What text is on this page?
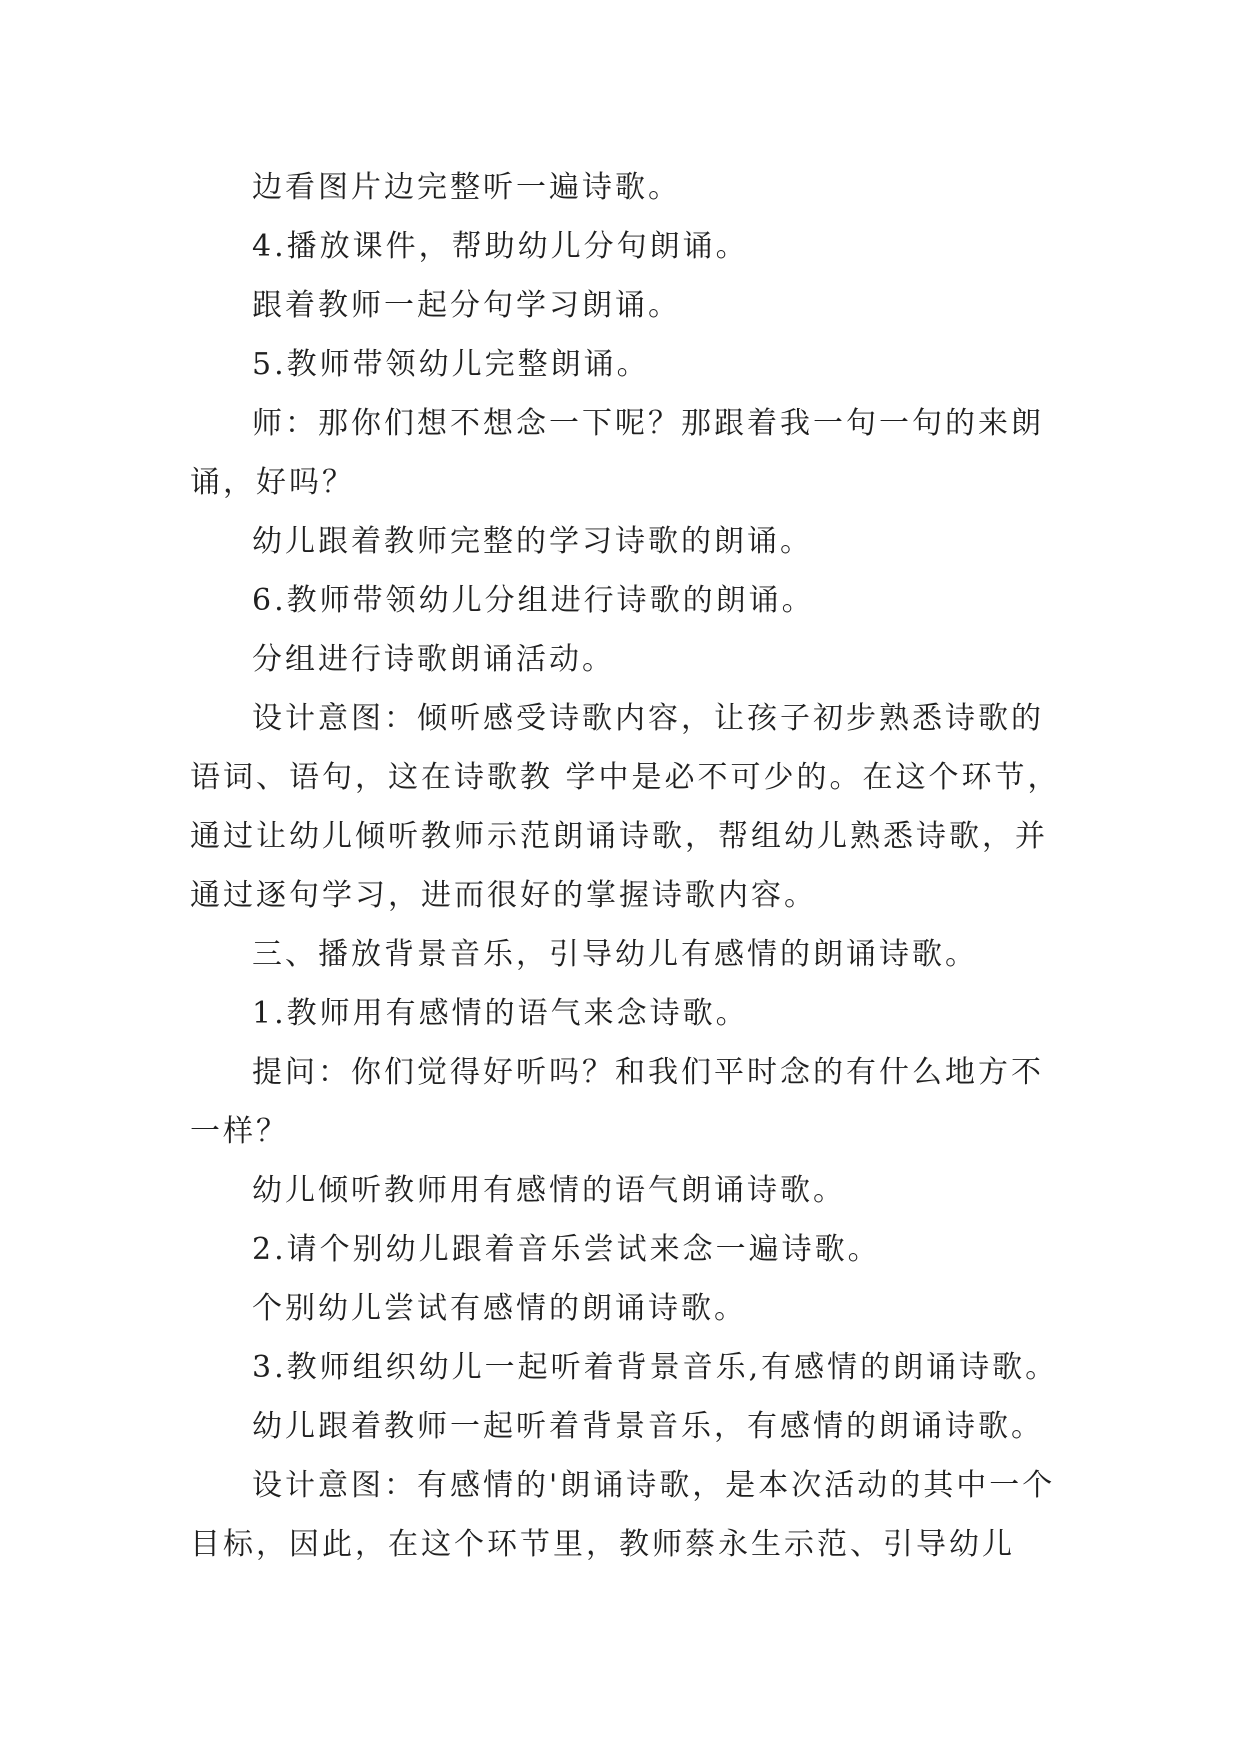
边看图片边完整听一遍诗歌。

4.播放课件，帮助幼儿分句朗诵。

跟着教师一起分句学习朗诵。

5.教师带领幼儿完整朗诵。

师：那你们想不想念一下呢？那跟着我一句一句的来朗诵，好吗？

幼儿跟着教师完整的学习诗歌的朗诵。

6.教师带领幼儿分组进行诗歌的朗诵。

分组进行诗歌朗诵活动。

设计意图：倾听感受诗歌内容，让孩子初步熟悉诗歌的语词、语句，这在诗歌教 学中是必不可少的。在这个环节，通过让幼儿倾听教师示范朗诵诗歌，帮组幼儿熟悉诗歌，并通过逐句学习，进而很好的掌握诗歌内容。

三、播放背景音乐，引导幼儿有感情的朗诵诗歌。

1.教师用有感情的语气来念诗歌。

提问：你们觉得好听吗？和我们平时念的有什么地方不一样？

幼儿倾听教师用有感情的语气朗诵诗歌。

2.请个别幼儿跟着音乐尝试来念一遍诗歌。

个别幼儿尝试有感情的朗诵诗歌。

3.教师组织幼儿一起听着背景音乐,有感情的朗诵诗歌。

幼儿跟着教师一起听着背景音乐，有感情的朗诵诗歌。

设计意图：有感情的'朗诵诗歌，是本次活动的其中一个目标，因此，在这个环节里，教师蔡永生示范、引导幼儿
